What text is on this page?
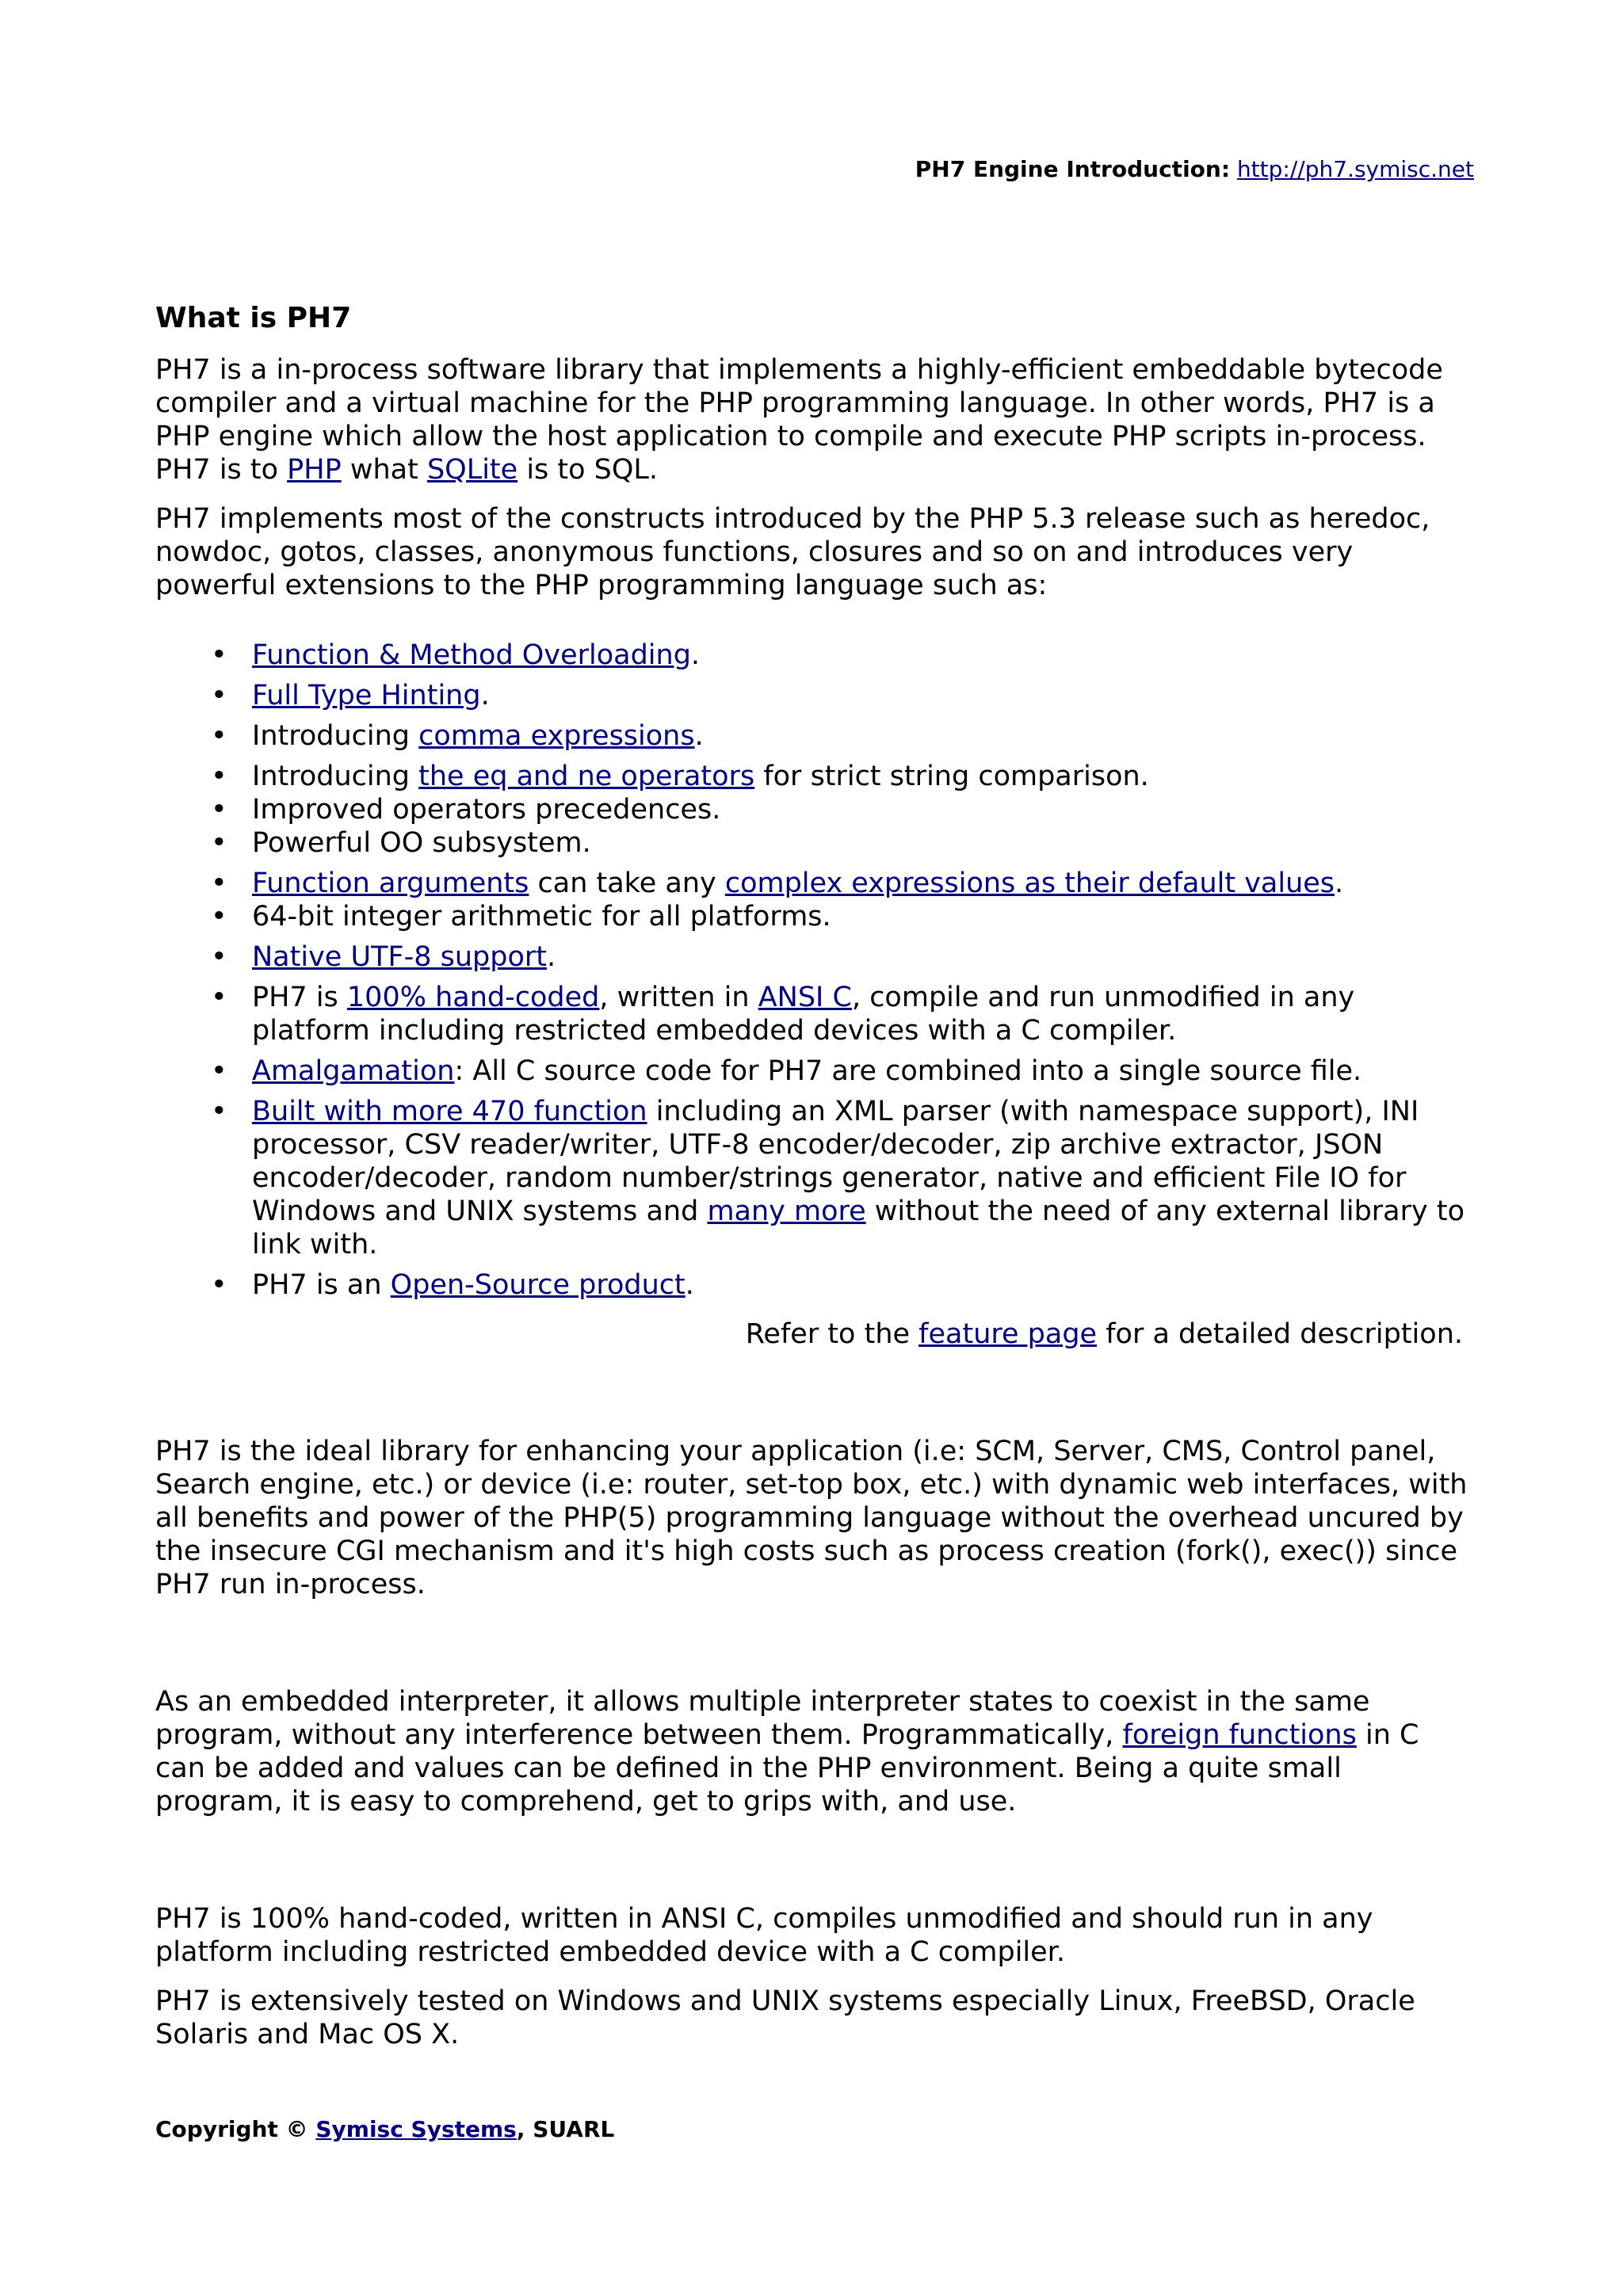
PH7 Engine Introduction: http://ph7.symisc.net
What is PH7

PH7 is a in-process software library that implements a highly-efficient embeddable bytecode compiler and a virtual machine for the PHP programming language. In other words, PH7 is a PHP engine which allow the host application to compile and execute PHP scripts in-process. PH7 is to PHP what SQLite is to SQL.

PH7 implements most of the constructs introduced by the PHP 5.3 release such as heredoc, nowdoc, gotos, classes, anonymous functions, closures and so on and introduces very powerful extensions to the PHP programming language such as:

• Function & Method Overloading.
• Full Type Hinting.
• Introducing comma expressions.
• Introducing the eq and ne operators for strict string comparison.
• Improved operators precedences.
• Powerful OO subsystem.
• Function arguments can take any complex expressions as their default values.
• 64-bit integer arithmetic for all platforms.
• Native UTF-8 support.
• PH7 is 100% hand-coded, written in ANSI C, compile and run unmodified in any platform including restricted embedded devices with a C compiler.
• Amalgamation: All C source code for PH7 are combined into a single source file.
• Built with more 470 function including an XML parser (with namespace support), INI processor, CSV reader/writer, UTF-8 encoder/decoder, zip archive extractor, JSON encoder/decoder, random number/strings generator, native and efficient File IO for Windows and UNIX systems and many more without the need of any external library to link with.
• PH7 is an Open-Source product.

Refer to the feature page for a detailed description.

PH7 is the ideal library for enhancing your application (i.e: SCM, Server, CMS, Control panel, Search engine, etc.) or device (i.e: router, set-top box, etc.) with dynamic web interfaces, with all benefits and power of the PHP(5) programming language without the overhead uncured by the insecure CGI mechanism and it's high costs such as process creation (fork(), exec()) since PH7 run in-process.

As an embedded interpreter, it allows multiple interpreter states to coexist in the same program, without any interference between them. Programmatically, foreign functions in C can be added and values can be defined in the PHP environment. Being a quite small program, it is easy to comprehend, get to grips with, and use.

PH7 is 100% hand-coded, written in ANSI C, compiles unmodified and should run in any platform including restricted embedded device with a C compiler.

PH7 is extensively tested on Windows and UNIX systems especially Linux, FreeBSD, Oracle Solaris and Mac OS X.

Copyright © Symisc Systems, SUARL
